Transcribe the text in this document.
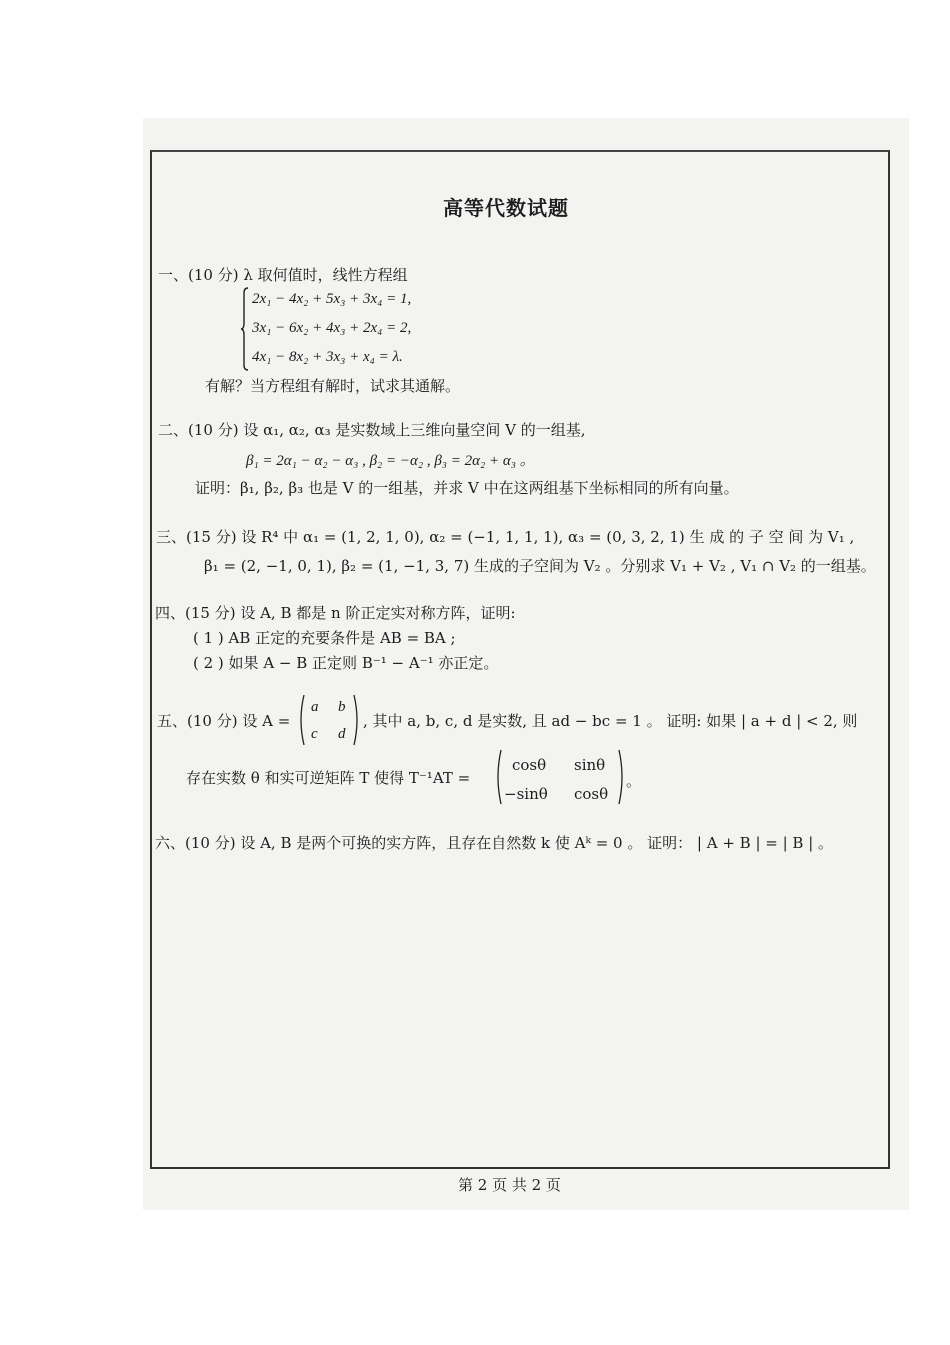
高等代数试题
一、(10 分) λ 取何值时，线性方程组
2x₁ − 4x₂ + 5x₃ + 3x₄ = 1,
3x₁ − 6x₂ + 4x₃ + 2x₄ = 2,
4x₁ − 8x₂ + 3x₃ + x₄ = λ.
有解？当方程组有解时，试求其通解。
二、(10 分) 设 α₁, α₂, α₃ 是实数域上三维向量空间 V 的一组基,
β₁ = 2α₁ − α₂ − α₃ , β₂ = −α₂ , β₃ = 2α₂ + α₃ 。
证明：β₁, β₂, β₃ 也是 V 的一组基，并求 V 中在这两组基下坐标相同的所有向量。
三、(15 分) 设 R⁴ 中 α₁ = (1, 2, 1, 0), α₂ = (−1, 1, 1, 1), α₃ = (0, 3, 2, 1) 生 成 的 子 空 间 为 V₁ ,
β₁ = (2, −1, 0, 1), β₂ = (1, −1, 3, 7) 生成的子空间为 V₂ 。分别求 V₁ + V₂ , V₁ ∩ V₂ 的一组基。
四、(15 分) 设 A, B 都是 n 阶正定实对称方阵，证明:
( 1 ) AB 正定的充要条件是 AB = BA ;
( 2 ) 如果 A − B 正定则 B⁻¹ − A⁻¹ 亦正定。
五、(10 分) 设 A =
a b
c d
, 其中 a, b, c, d 是实数, 且 ad − bc = 1 。 证明: 如果 | a + d | < 2, 则
存在实数 θ 和实可逆矩阵 T 使得 T⁻¹AT =
cosθ sinθ
−sinθ cosθ
。
六、(10 分) 设 A, B 是两个可换的实方阵，且存在自然数 k 使 Aᵏ = 0 。 证明： | A + B | = | B | 。
第 2 页 共 2 页
